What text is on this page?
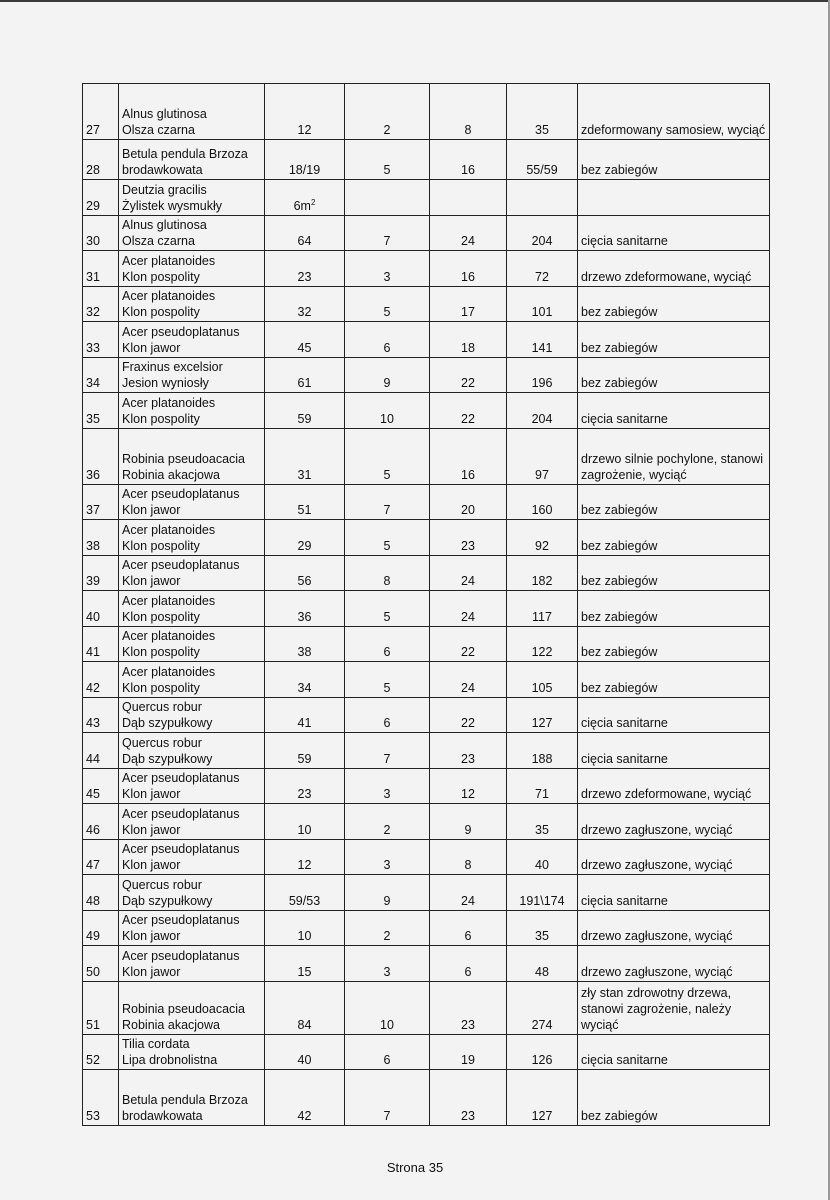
27	Alnus glutinosa
Olsza czarna	12	2	8	35	zdeformowany samosiew, wyciąć
28	Betula pendula Brzoza
brodawkowata	18/19	5	16	55/59	bez zabiegów
29	Deutzia gracilis
Żylistek wysmukły	$6m^2$				
30	Alnus glutinosa
Olsza czarna	64	7	24	204	cięcia sanitarne
31	Acer platanoides
Klon pospolity	23	3	16	72	drzewo zdeformowane, wyciąć
32	Acer platanoides
Klon pospolity	32	5	17	101	bez zabiegów
33	Acer pseudoplatanus
Klon jawor	45	6	18	141	bez zabiegów
34	Fraxinus excelsior
Jesion wyniosły	61	9	22	196	bez zabiegów
35	Acer platanoides
Klon pospolity	59	10	22	204	cięcia sanitarne
36	Robinia pseudoacacia
Robinia akacjowa	31	5	16	97	drzewo silnie pochylone, stanowi zagrożenie, wyciąć
37	Acer pseudoplatanus
Klon jawor	51	7	20	160	bez zabiegów
38	Acer platanoides
Klon pospolity	29	5	23	92	bez zabiegów
39	Acer pseudoplatanus
Klon jawor	56	8	24	182	bez zabiegów
40	Acer platanoides
Klon pospolity	36	5	24	117	bez zabiegów
41	Acer platanoides
Klon pospolity	38	6	22	122	bez zabiegów
42	Acer platanoides
Klon pospolity	34	5	24	105	bez zabiegów
43	Quercus robur
Dąb szypułkowy	41	6	22	127	cięcia sanitarne
44	Quercus robur
Dąb szypułkowy	59	7	23	188	cięcia sanitarne
45	Acer pseudoplatanus
Klon jawor	23	3	12	71	drzewo zdeformowane, wyciąć
46	Acer pseudoplatanus
Klon jawor	10	2	9	35	drzewo zagłuszone, wyciąć
47	Acer pseudoplatanus
Klon jawor	12	3	8	40	drzewo zagłuszone, wyciąć
48	Quercus robur
Dąb szypułkowy	59/53	9	24	191\174	cięcia sanitarne
49	Acer pseudoplatanus
Klon jawor	10	2	6	35	drzewo zagłuszone, wyciąć
50	Acer pseudoplatanus
Klon jawor	15	3	6	48	drzewo zagłuszone, wyciąć
51	Robinia pseudoacacia
Robinia akacjowa	84	10	23	274	zły stan zdrowotny drzewa, stanowi zagrożenie, należy wyciąć
52	Tilia cordata
Lipa drobnolistna	40	6	19	126	cięcia sanitarne
53	Betula pendula Brzoza
brodawkowata	42	7	23	127	bez zabiegów
Strona 35
